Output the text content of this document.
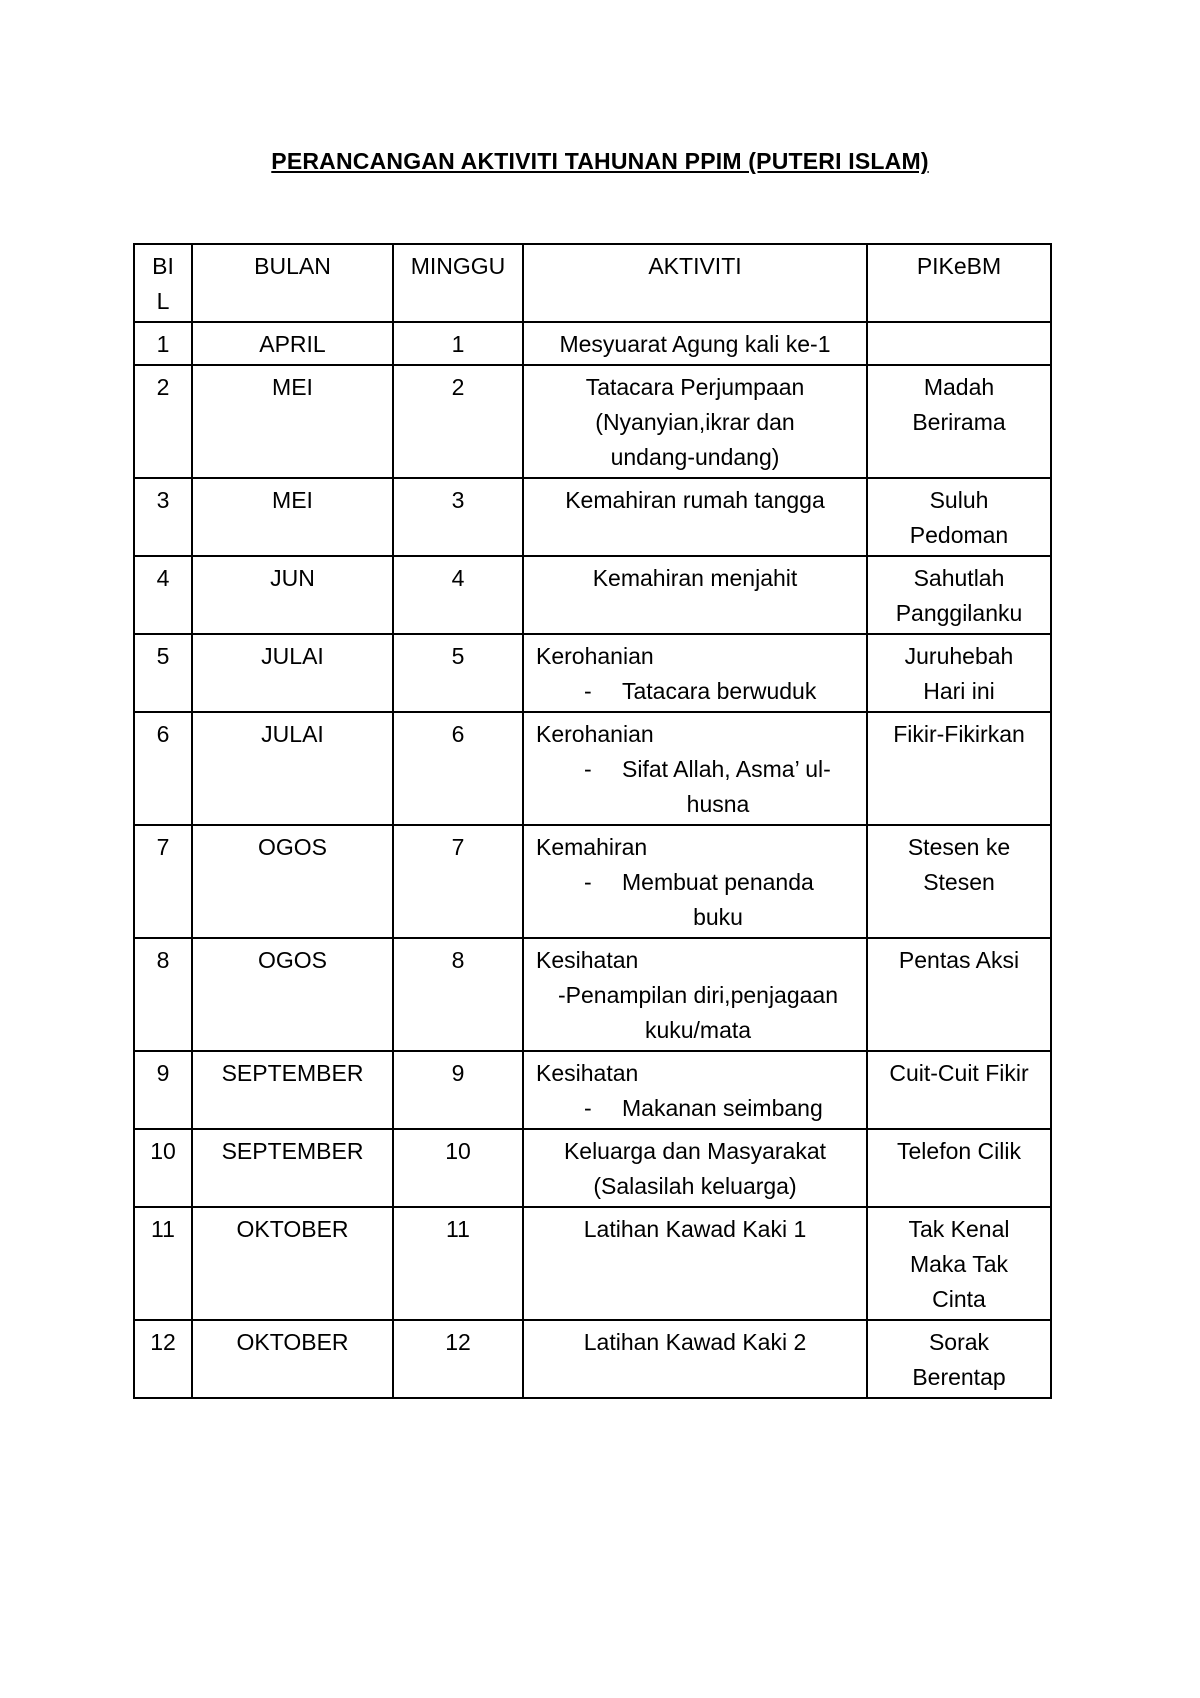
PERANCANGAN AKTIVITI TAHUNAN PPIM (PUTERI ISLAM)
BI
L	BULAN	MINGGU	AKTIVITI	PIKeBM
1	APRIL	1	Mesyuarat Agung kali ke-1	
2	MEI	2	Tatacara Perjumpaan (Nyanyian,ikrar dan undang-undang)	Madah Berirama
3	MEI	3	Kemahiran rumah tangga	Suluh Pedoman
4	JUN	4	Kemahiran menjahit	Sahutlah Panggilanku
5	JULAI	5	Kerohanian

- Tatacara berwuduk	Juruhebah Hari ini
6	JULAI	6	Kerohanian

- Sifat Allah, Asma’ ul-
husna	Fikir-Fikirkan
7	OGOS	7	Kemahiran

- Membuat penanda
buku	Stesen ke Stesen
8	OGOS	8	Kesihatan

-Penampilan diri,penjagaan
kuku/mata	Pentas Aksi
9	SEPTEMBER	9	Kesihatan

- Makanan seimbang	Cuit-Cuit Fikir
10	SEPTEMBER	10	Keluarga dan Masyarakat (Salasilah keluarga)	Telefon Cilik
11	OKTOBER	11	Latihan Kawad Kaki 1	Tak Kenal Maka Tak Cinta
12	OKTOBER	12	Latihan Kawad Kaki 2	Sorak Berentap
